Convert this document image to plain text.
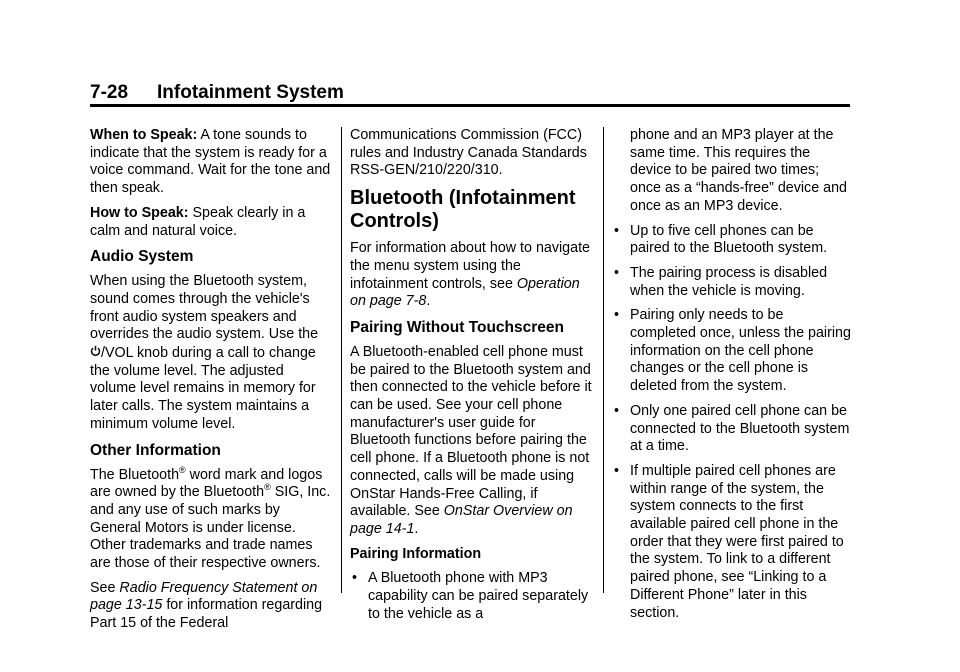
7-28 Infotainment System

When to Speak: A tone sounds to indicate that the system is ready for a voice command. Wait for the tone and then speak.

How to Speak: Speak clearly in a calm and natural voice.

Audio System

When using the Bluetooth system, sound comes through the vehicle's front audio system speakers and overrides the audio system. Use the
/VOL knob during a call to change the volume level. The adjusted volume level remains in memory for later calls. The system maintains a minimum volume level.

Other Information

The Bluetooth® word mark and logos are owned by the Bluetooth® SIG, Inc. and any use of such marks by General Motors is under license. Other trademarks and trade names are those of their respective owners.

See Radio Frequency Statement on page 13-15 for information regarding Part 15 of the Federal

Communications Commission (FCC) rules and Industry Canada Standards RSS-GEN/210/220/310.

Bluetooth (Infotainment Controls)

For information about how to navigate the menu system using the infotainment controls, see Operation on page 7-8.

Pairing Without Touchscreen

A Bluetooth-enabled cell phone must be paired to the Bluetooth system and then connected to the vehicle before it can be used. See your cell phone manufacturer's user guide for Bluetooth functions before pairing the cell phone. If a Bluetooth phone is not connected, calls will be made using OnStar Hands-Free Calling, if available. See OnStar Overview on page 14-1.

Pairing Information
• A Bluetooth phone with MP3 capability can be paired separately to the vehicle as a

phone and an MP3 player at the same time. This requires the device to be paired two times; once as a “hands-free” device and once as an MP3 device.

• Up to five cell phones can be paired to the Bluetooth system.
• The pairing process is disabled when the vehicle is moving.
• Pairing only needs to be completed once, unless the pairing information on the cell phone changes or the cell phone is deleted from the system.
• Only one paired cell phone can be connected to the Bluetooth system at a time.
• If multiple paired cell phones are within range of the system, the system connects to the first available paired cell phone in the order that they were first paired to the system. To link to a different paired phone, see “Linking to a Different Phone” later in this section.
